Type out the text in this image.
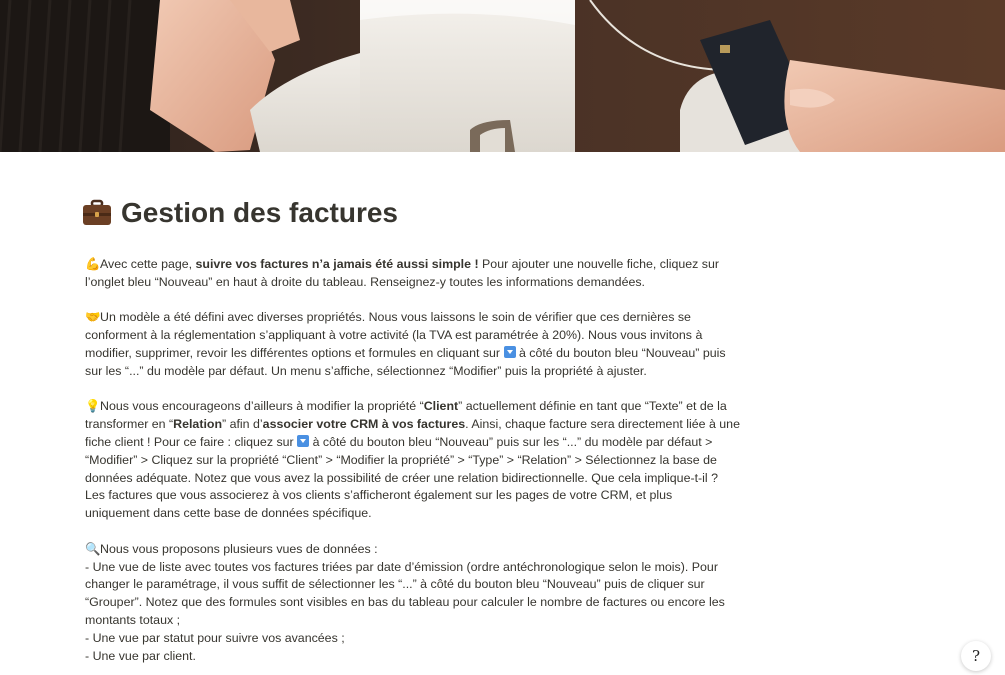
Gestion des factures
💪Avec cette page, suivre vos factures n’a jamais été aussi simple ! Pour ajouter une nouvelle fiche, cliquez sur l’onglet bleu “Nouveau” en haut à droite du tableau. Renseignez-y toutes les informations demandées.
🤝Un modèle a été défini avec diverses propriétés. Nous vous laissons le soin de vérifier que ces dernières se conforment à la réglementation s’appliquant à votre activité (la TVA est paramétrée à 20%). Nous vous invitons à modifier, supprimer, revoir les différentes options et formules en cliquant sur  à côté du bouton bleu “Nouveau” puis sur les “...” du modèle par défaut. Un menu s’affiche, sélectionnez “Modifier” puis la propriété à ajuster.
💡Nous vous encourageons d’ailleurs à modifier la propriété “Client” actuellement définie en tant que “Texte” et de la transformer en “Relation” afin d’associer votre CRM à vos factures. Ainsi, chaque facture sera directement liée à une fiche client ! Pour ce faire : cliquez sur  à côté du bouton bleu “Nouveau” puis sur les “...” du modèle par défaut > “Modifier” > Cliquez sur la propriété “Client” > “Modifier la propriété” > “Type” > “Relation” > Sélectionnez la base de données adéquate. Notez que vous avez la possibilité de créer une relation bidirectionnelle. Que cela implique-t-il ? Les factures que vous associerez à vos clients s’afficheront également sur les pages de votre CRM, et plus uniquement dans cette base de données spécifique.
🔍Nous vous proposons plusieurs vues de données :
- Une vue de liste avec toutes vos factures triées par date d’émission (ordre antéchronologique selon le mois). Pour changer le paramétrage, il vous suffit de sélectionner les “...” à côté du bouton bleu “Nouveau” puis de cliquer sur “Grouper”. Notez que des formules sont visibles en bas du tableau pour calculer le nombre de factures ou encore les montants totaux ;
- Une vue par statut pour suivre vos avancées ;
- Une vue par client.	?
